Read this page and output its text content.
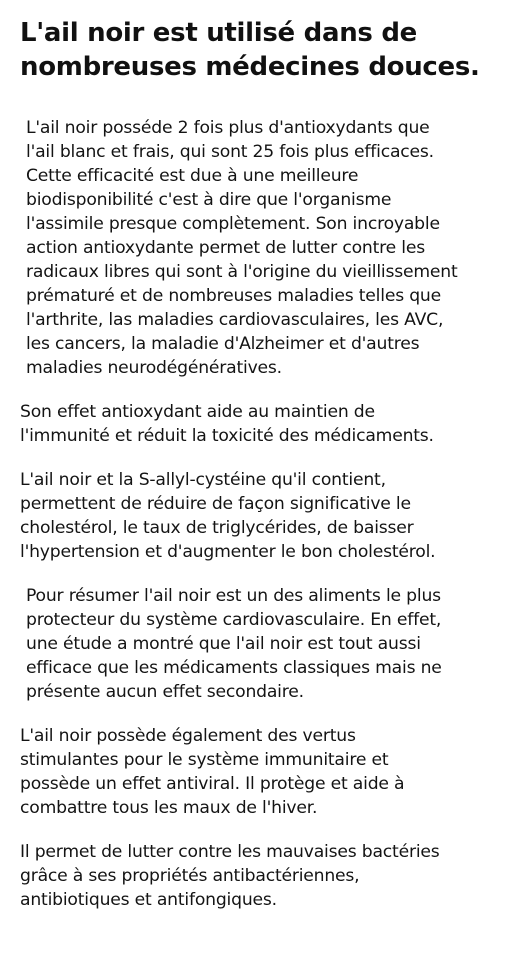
L'ail noir est utilisé dans de
nombreuses médecines douces.

L'ail noir posséde 2 fois plus d'antioxydants que
l'ail blanc et frais, qui sont 25 fois plus efficaces.
Cette efficacité est due à une meilleure
biodisponibilité c'est à dire que l'organisme
l'assimile presque complètement. Son incroyable
action antioxydante permet de lutter contre les
radicaux libres qui sont à l'origine du vieillissement
prématuré et de nombreuses maladies telles que
l'arthrite, las maladies cardiovasculaires, les AVC,
les cancers, la maladie d'Alzheimer et d'autres
maladies neurodégénératives.

Son effet antioxydant aide au maintien de
l'immunité et réduit la toxicité des médicaments.

L'ail noir et la S-allyl-cystéine qu'il contient,
permettent de réduire de façon significative le
cholestérol, le taux de triglycérides, de baisser
l'hypertension et d'augmenter le bon cholestérol.

Pour résumer l'ail noir est un des aliments le plus
protecteur du système cardiovasculaire. En effet,
une étude a montré que l'ail noir est tout aussi
efficace que les médicaments classiques mais ne
présente aucun effet secondaire.

L'ail noir possède également des vertus
stimulantes pour le système immunitaire et
possède un effet antiviral. Il protège et aide à
combattre tous les maux de l'hiver.

Il permet de lutter contre les mauvaises bactéries
grâce à ses propriétés antibactériennes,
antibiotiques et antifongiques.
